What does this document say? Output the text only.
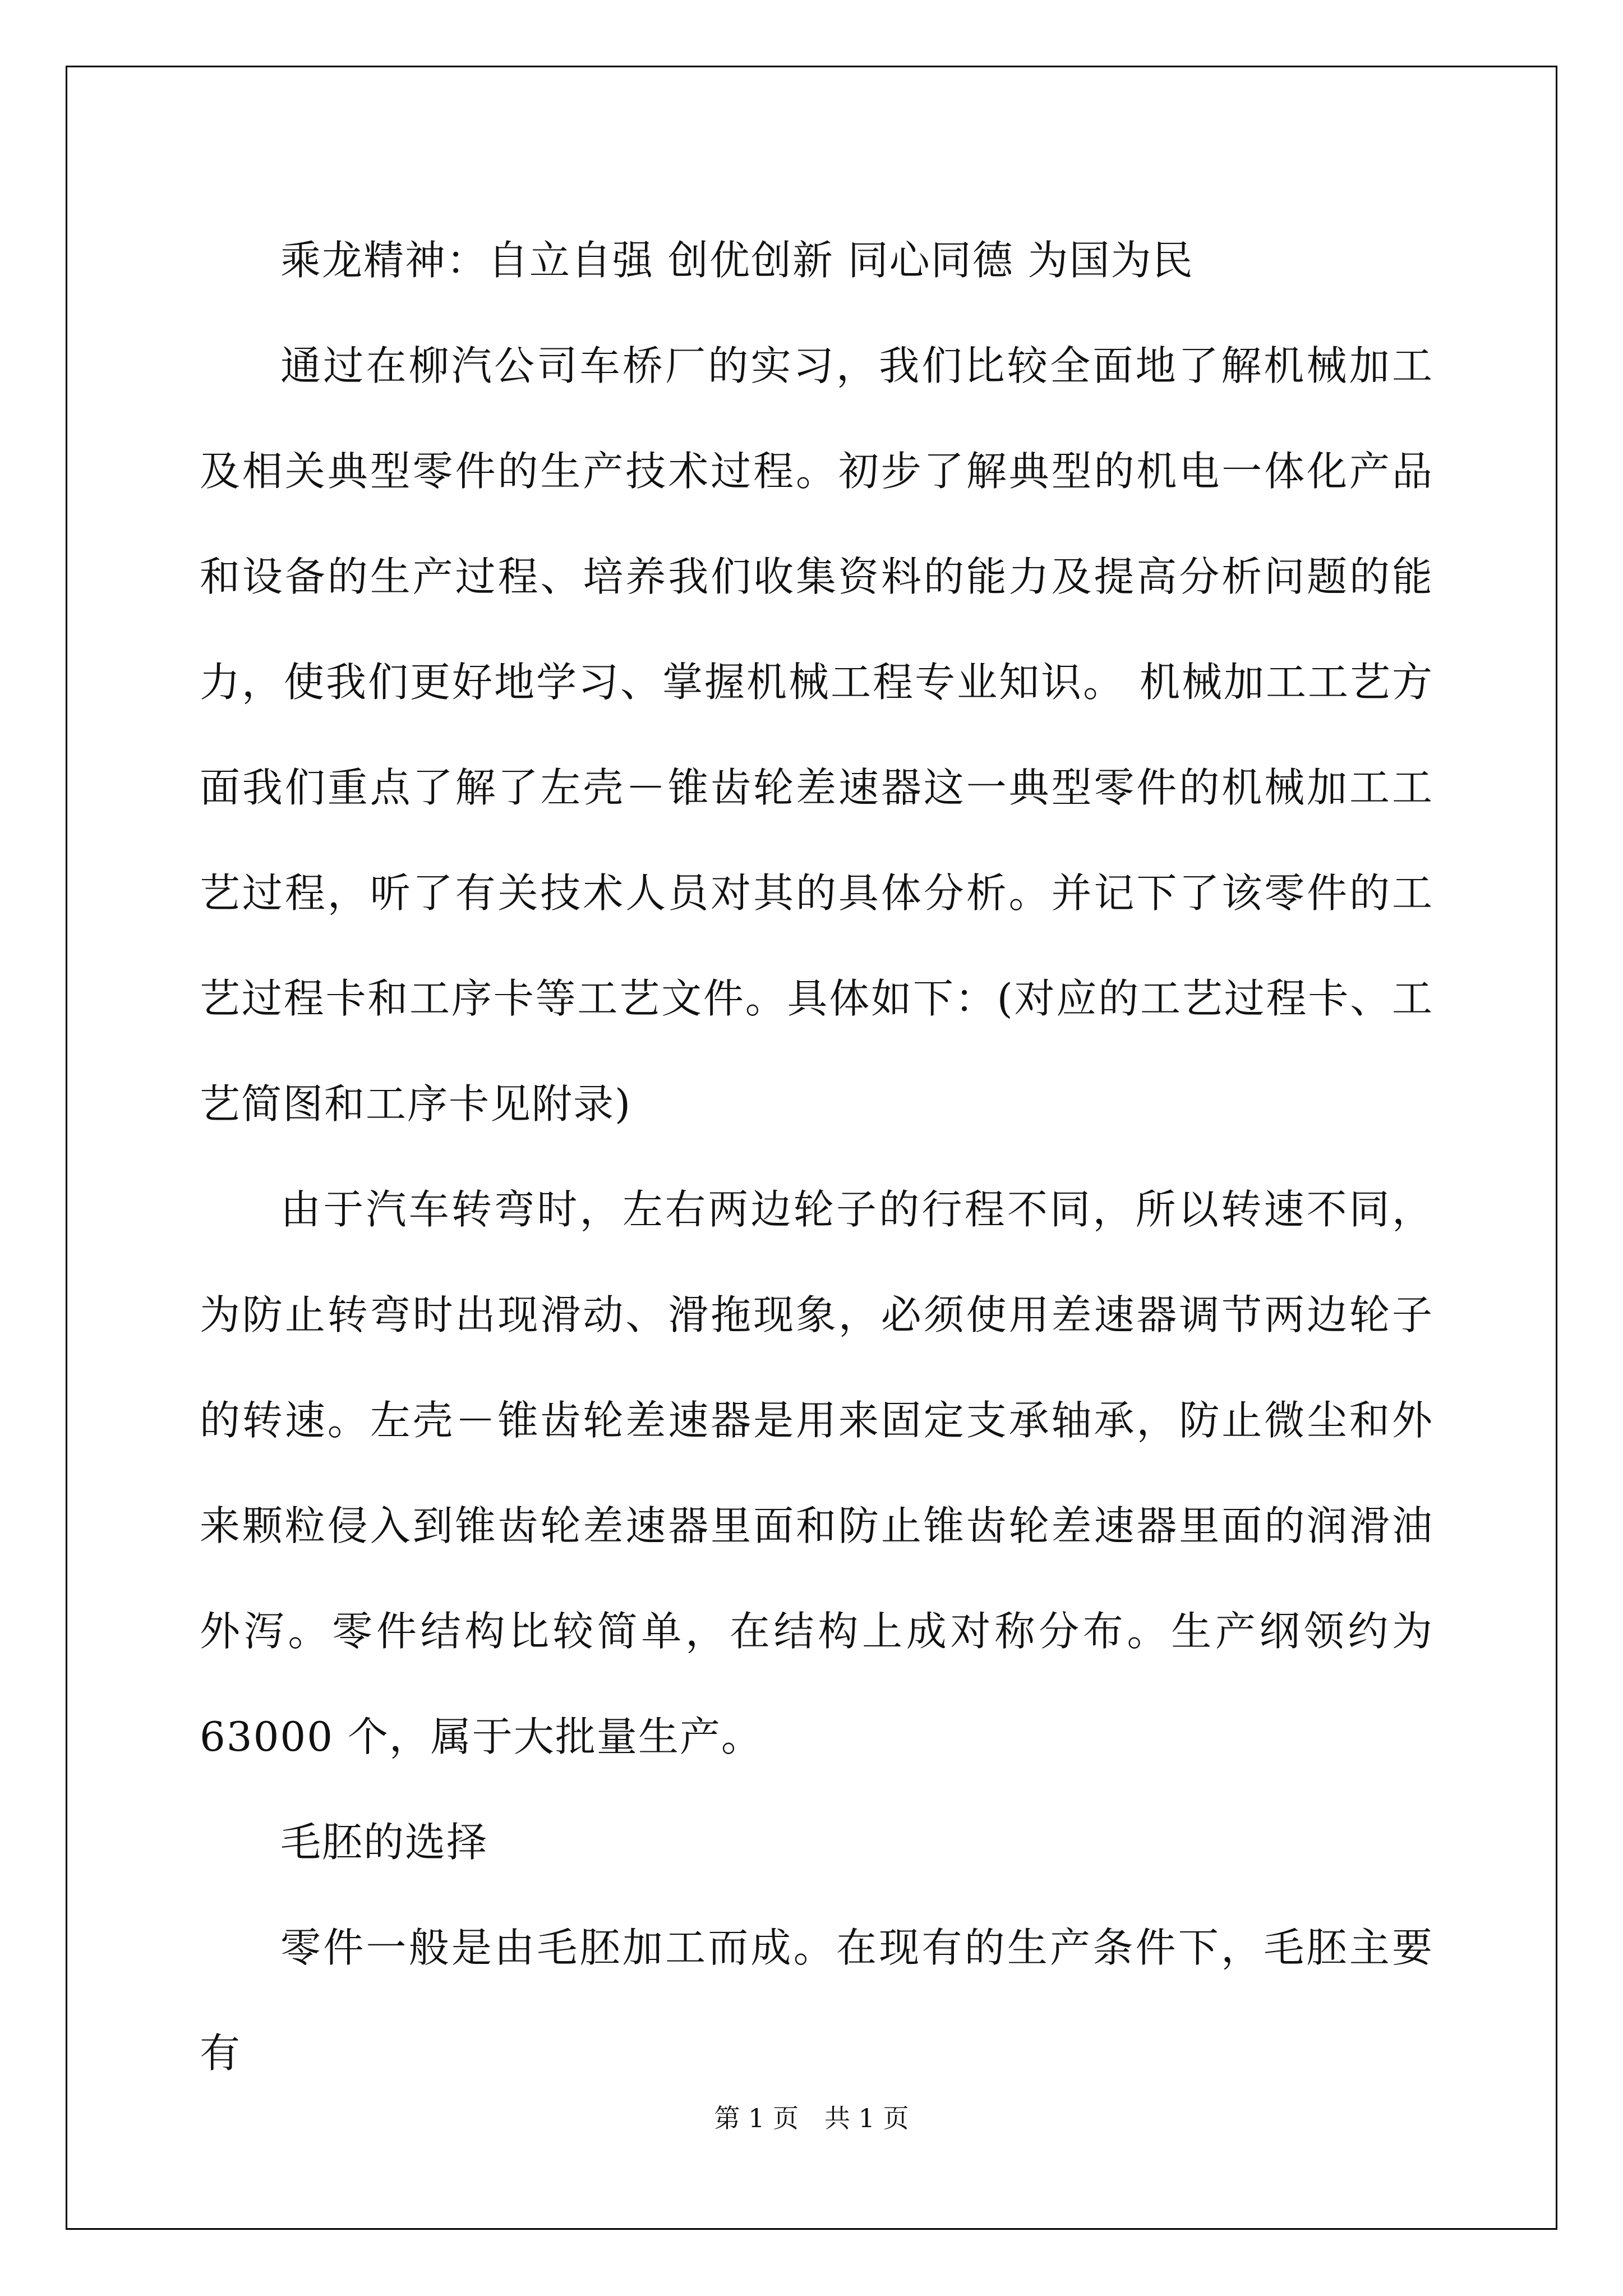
乘龙精神：自立自强 创优创新 同心同德 为国为民

通过在柳汽公司车桥厂的实习，我们比较全面地了解机械加工及相关典型零件的生产技术过程。初步了解典型的机电一体化产品和设备的生产过程、培养我们收集资料的能力及提高分析问题的能力，使我们更好地学习、掌握机械工程专业知识。 机械加工工艺方面我们重点了解了左壳－锥齿轮差速器这一典型零件的机械加工工艺过程，听了有关技术人员对其的具体分析。并记下了该零件的工艺过程卡和工序卡等工艺文件。具体如下：(对应的工艺过程卡、工艺简图和工序卡见附录)

由于汽车转弯时，左右两边轮子的行程不同，所以转速不同，为防止转弯时出现滑动、滑拖现象，必须使用差速器调节两边轮子的转速。左壳－锥齿轮差速器是用来固定支承轴承，防止微尘和外来颗粒侵入到锥齿轮差速器里面和防止锥齿轮差速器里面的润滑油外泻。零件结构比较简单，在结构上成对称分布。生产纲领约为 63000 个，属于大批量生产。

毛胚的选择

零件一般是由毛胚加工而成。在现有的生产条件下，毛胚主要有

第 1 页　共 1 页
